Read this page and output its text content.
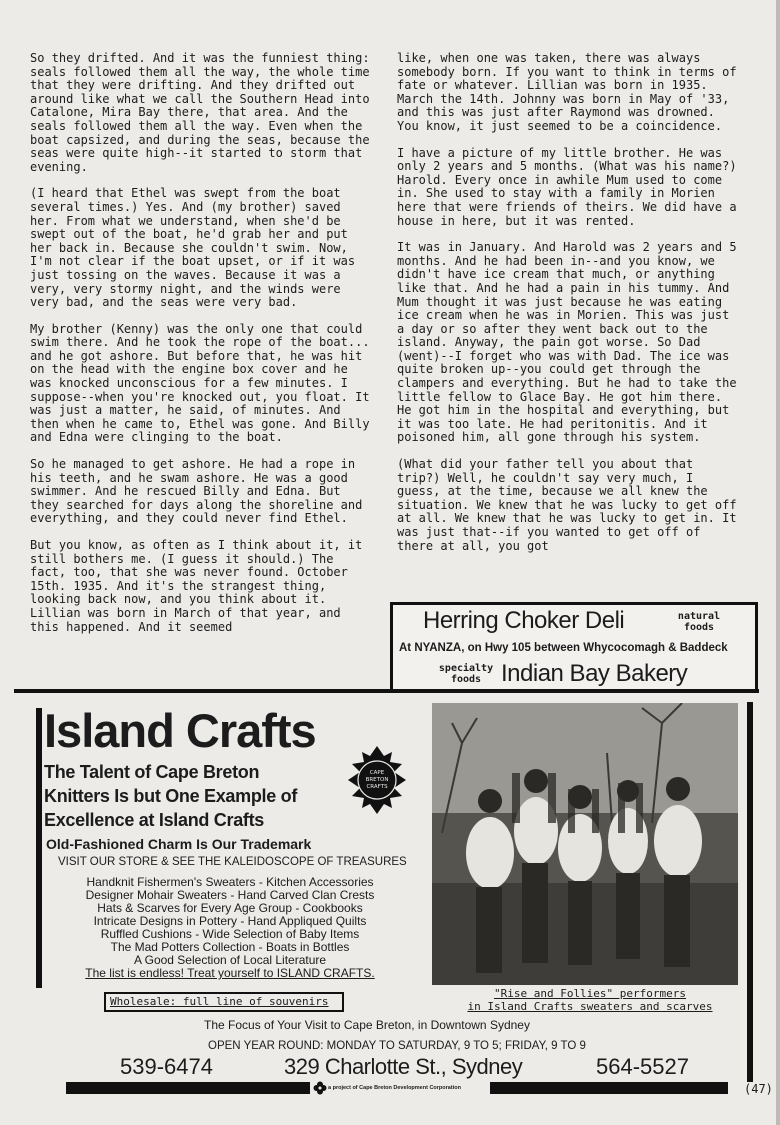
So they drifted. And it was the funniest thing: seals followed them all the way, the whole time that they were drifting. And they drifted out around like what we call the Southern Head into Catalone, Mira Bay there, that area. And the seals followed them all the way. Even when the boat capsized, and during the seas, because the seas were quite high--it started to storm that evening.

(I heard that Ethel was swept from the boat several times.) Yes. And (my brother) saved her. From what we understand, when she'd be swept out of the boat, he'd grab her and put her back in. Because she couldn't swim. Now, I'm not clear if the boat upset, or if it was just tossing on the waves. Because it was a very, very stormy night, and the winds were very bad, and the seas were very bad.

My brother (Kenny) was the only one that could swim there. And he took the rope of the boat... and he got ashore. But before that, he was hit on the head with the engine box cover and he was knocked unconscious for a few minutes. I suppose--when you're knocked out, you float. It was just a matter, he said, of minutes. And then when he came to, Ethel was gone. And Billy and Edna were clinging to the boat.

So he managed to get ashore. He had a rope in his teeth, and he swam ashore. He was a good swimmer. And he rescued Billy and Edna. But they searched for days along the shoreline and everything, and they could never find Ethel.

But you know, as often as I think about it, it still bothers me. (I guess it should.) The fact, too, that she was never found. October 15th. 1935. And it's the strangest thing, looking back now, and you think about it. Lillian was born in March of that year, and this happened. And it seemed

like, when one was taken, there was always somebody born. If you want to think in terms of fate or whatever. Lillian was born in 1935. March the 14th. Johnny was born in May of '33, and this was just after Raymond was drowned. You know, it just seemed to be a coincidence.

I have a picture of my little brother. He was only 2 years and 5 months. (What was his name?) Harold. Every once in awhile Mum used to come in. She used to stay with a family in Morien here that were friends of theirs. We did have a house in here, but it was rented.

It was in January. And Harold was 2 years and 5 months. And he had been in--and you know, we didn't have ice cream that much, or anything like that. And he had a pain in his tummy. And Mum thought it was just because he was eating ice cream when he was in Morien. This was just a day or so after they went back out to the island. Anyway, the pain got worse. So Dad (went)--I forget who was with Dad. The ice was quite broken up--you could get through the clampers and everything. But he had to take the little fellow to Glace Bay. He got him there. He got him in the hospital and everything, but it was too late. He had peritonitis. And it poisoned him, all gone through his system.

(What did your father tell you about that trip?) Well, he couldn't say very much, I guess, at the time, because we all knew the situation. We knew that he was lucky to get off at all. We knew that he was lucky to get in. It was just that--if you wanted to get off of there at all, you got

Herring Choker Deli	natural foods
At NYANZA, on Hwy 105 between Whycocomagh & Baddeck
specialty foods Indian Bay Bakery
Island Crafts
The Talent of Cape Breton
Knitters Is but One Example of
Excellence at Island Crafts
CAPE
BRETON
CRAFTS
Old-Fashioned Charm Is Our Trademark
VISIT OUR STORE & SEE THE KALEIDOSCOPE OF TREASURES
Handknit Fishermen's Sweaters - Kitchen Accessories
Designer Mohair Sweaters - Hand Carved Clan Crests
Hats & Scarves for Every Age Group - Cookbooks
Intricate Designs in Pottery - Hand Appliqued Quilts
Ruffled Cushions - Wide Selection of Baby Items
The Mad Potters Collection - Boats in Bottles
A Good Selection of Local Literature
The list is endless! Treat yourself to ISLAND CRAFTS.
"Rise and Follies" performers
in Island Crafts sweaters and scarves
Wholesale: full line of souvenirs
The Focus of Your Visit to Cape Breton, in Downtown Sydney
OPEN YEAR ROUND: MONDAY TO SATURDAY, 9 TO 5; FRIDAY, 9 TO 9
539-6474	329 Charlotte St., Sydney	564-5527
a project of Cape Breton Development Corporation	(47)
